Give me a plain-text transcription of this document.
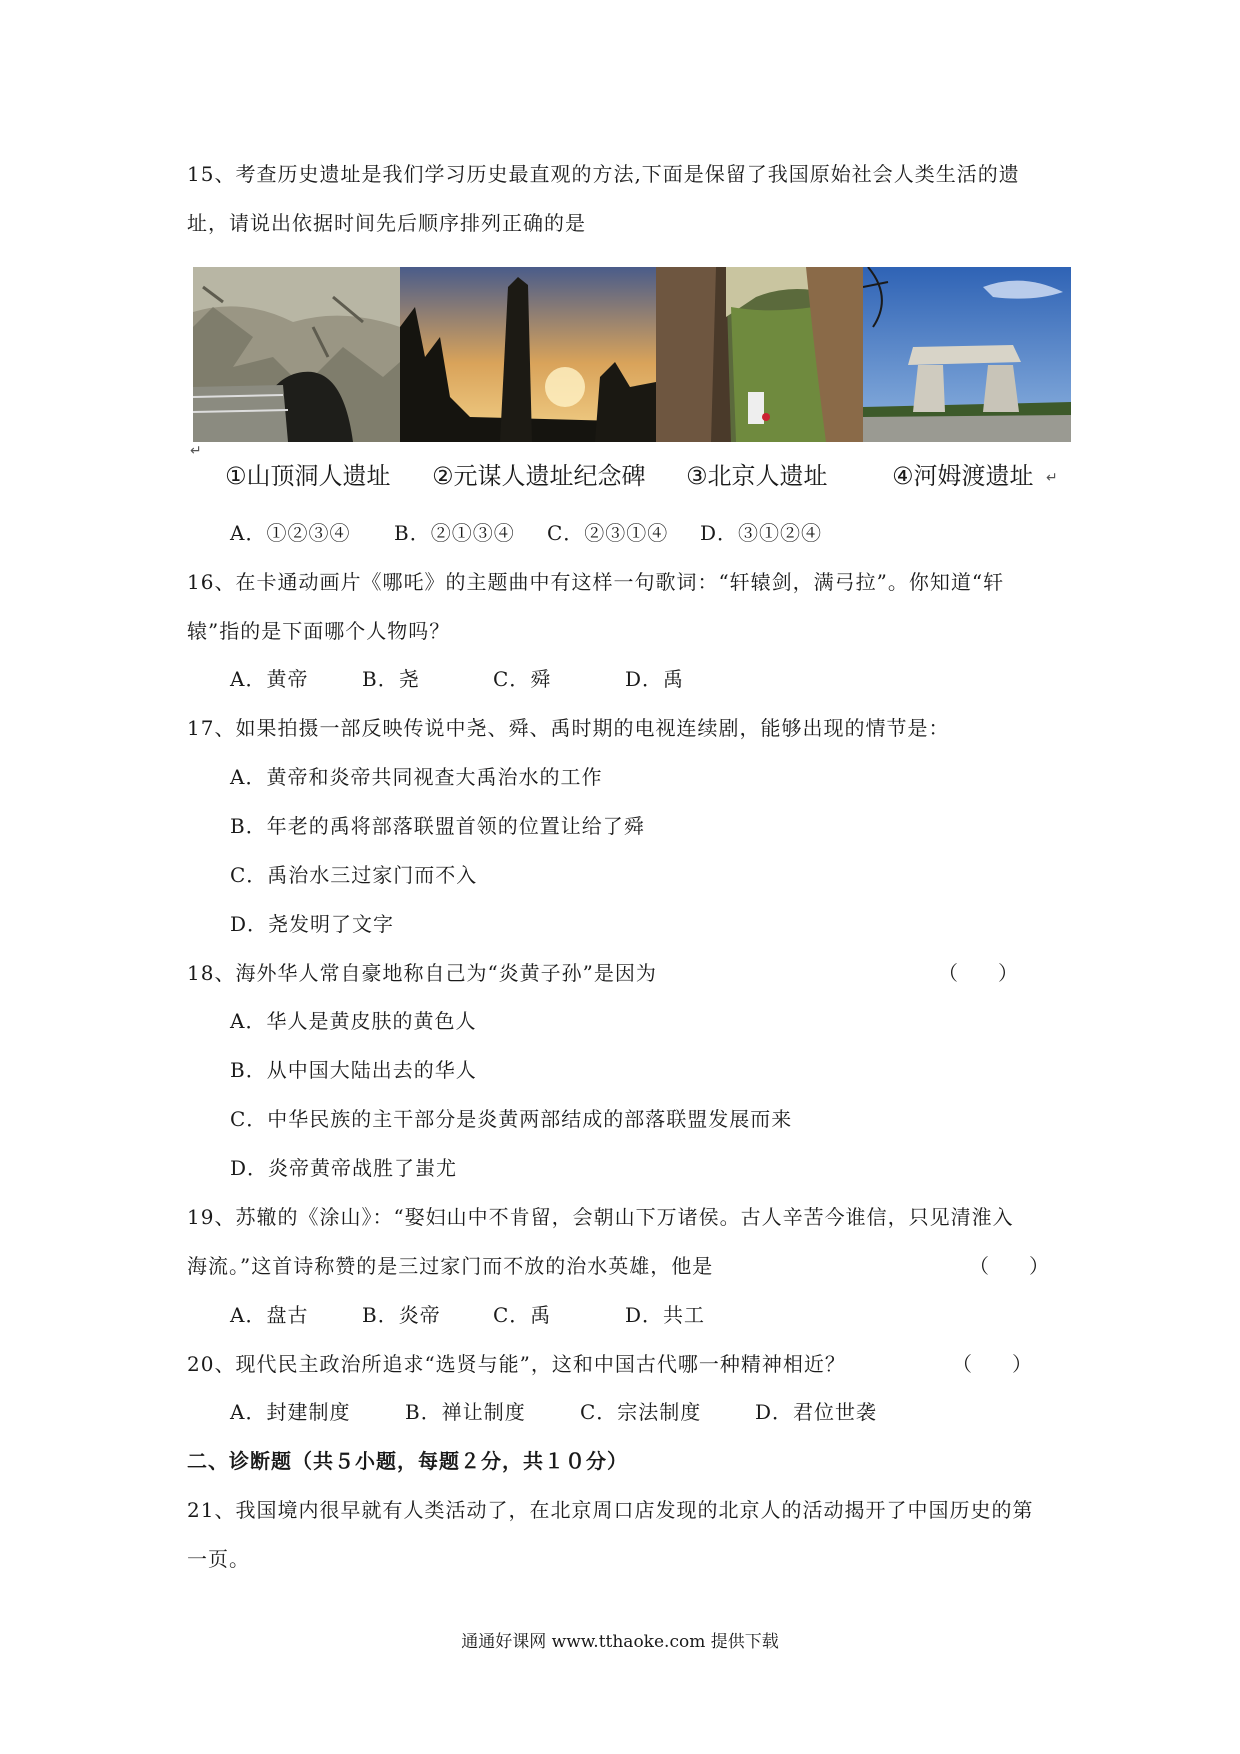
15、考查历史遗址是我们学习历史最直观的方法,下面是保留了我国原始社会人类生活的遗
址，请说出依据时间先后顺序排列正确的是
↵
①山顶洞人遗址 ②元谋人遗址纪念碑 ③北京人遗址	④河姆渡遗址 ↵
A．①②③④ B．②①③④ C．②③①④ D．③①②④
16、在卡通动画片《哪吒》的主题曲中有这样一句歌词：“轩辕剑，满弓拉”。你知道“轩
辕”指的是下面哪个人物吗？
A．黄帝	B．尧	C．舜	D．禹
17、如果拍摄一部反映传说中尧、舜、禹时期的电视连续剧，能够出现的情节是：
A．黄帝和炎帝共同视查大禹治水的工作
B．年老的禹将部落联盟首领的位置让给了舜
C．禹治水三过家门而不入
D．尧发明了文字
18、海外华人常自豪地称自己为“炎黄子孙”是因为	（　　）
A．华人是黄皮肤的黄色人
B．从中国大陆出去的华人
C．中华民族的主干部分是炎黄两部结成的部落联盟发展而来
D．炎帝黄帝战胜了蚩尤
19、苏辙的《涂山》：“娶妇山中不肯留，会朝山下万诸侯。古人辛苦今谁信，只见清淮入
海流。”这首诗称赞的是三过家门而不放的治水英雄，他是	（　　）
A．盘古	B．炎帝	C．禹	D．共工
20、现代民主政治所追求“选贤与能”，这和中国古代哪一种精神相近？	（　　）
A．封建制度	B．禅让制度	C．宗法制度	D．君位世袭
二、诊断题（共５小题，每题２分，共１０分）
21、我国境内很早就有人类活动了，在北京周口店发现的北京人的活动揭开了中国历史的第
一页。
通通好课网 www.tthaoke.com 提供下载
